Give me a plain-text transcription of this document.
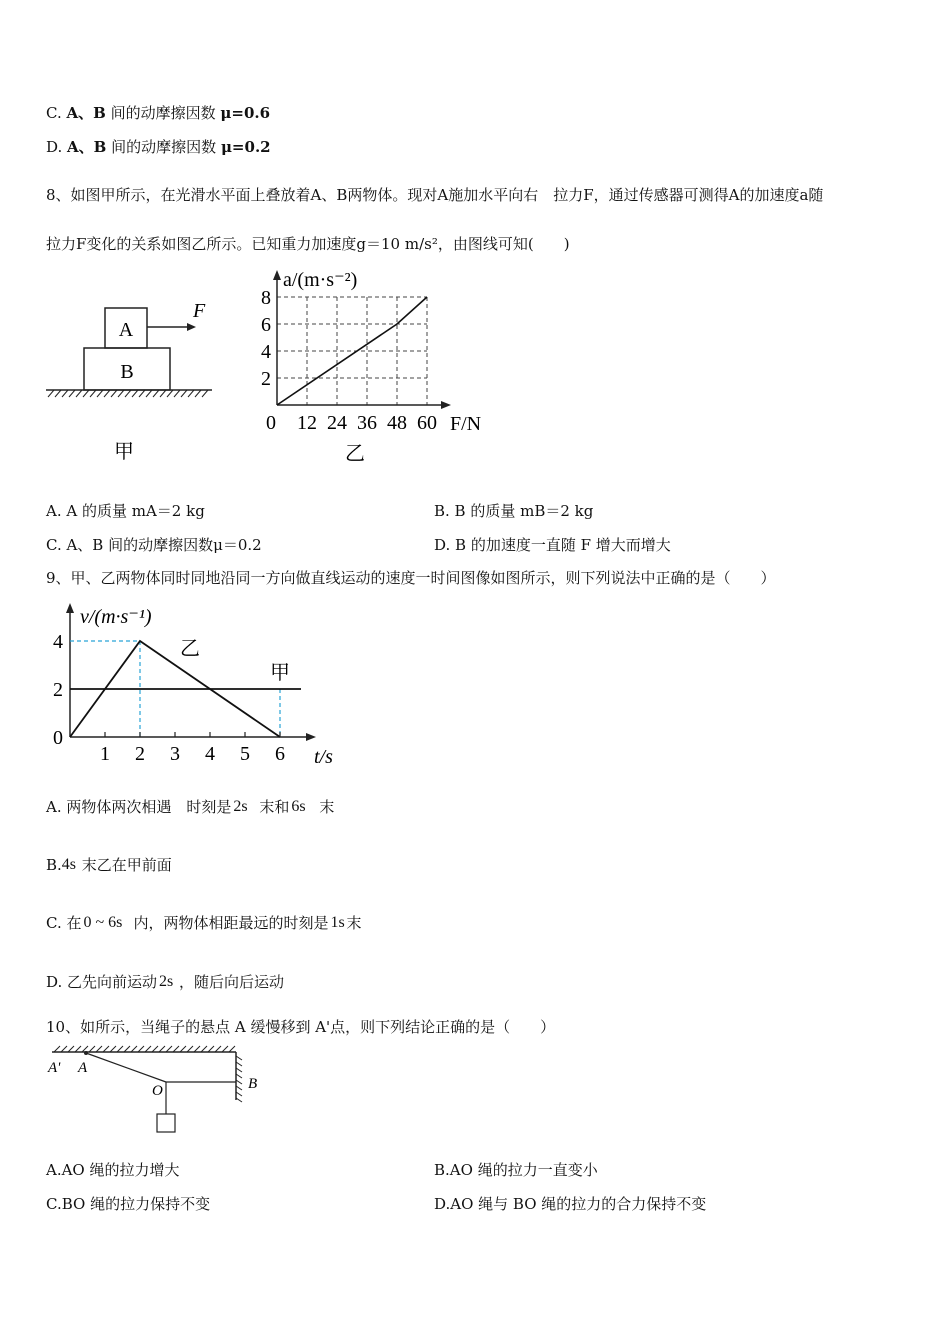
C. A、B 间的动摩擦因数 μ=0.6
D. A、B 间的动摩擦因数 μ=0.2
8、如图甲所示，在光滑水平面上叠放着A、B两物体。现对A施加水平向右　拉力F，通过传感器可测得A的加速度a随
拉力F变化的关系如图乙所示。已知重力加速度g＝10 m/s²，由图线可知(　　)
A
B
F
甲
0 12 24 36 48 60
2
4
6
8
a/(m·s⁻²)
F/N
乙
A. A 的质量 mA＝2 kg	B. B 的质量 mB＝2 kg
C. A、B 间的动摩擦因数μ＝0.2	D. B 的加速度一直随 F 增大而增大
9、甲、乙两物体同时同地沿同一方向做直线运动的速度一时间图像如图所示，则下列说法中正确的是（　　）
乙
甲
1 2 3 4 5 6
0
2
4
v/(m·s⁻¹)
t/s
A. 两物体两次相遇　时刻是 2s 末和 6s 末
B. 4s 末乙在甲前面
C. 在 0 ~ 6s 内，两物体相距最远的时刻是 1s 末
D. 乙先向前运动 2s ，随后向后运动
10、如所示，当绳子的悬点 A 缓慢移到 A'点，则下列结论正确的是（　　）
A' A
O	B
A.AO 绳的拉力增大	B.AO 绳的拉力一直变小
C.BO 绳的拉力保持不变	D.AO 绳与 BO 绳的拉力的合力保持不变
